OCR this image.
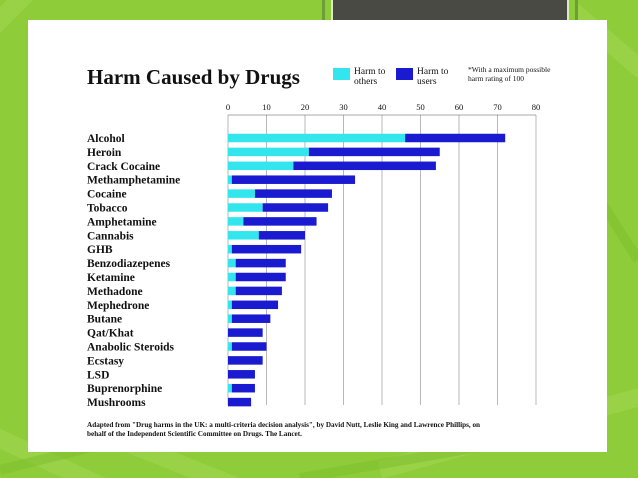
Harm Caused by Drugs	Harm to others
Harm to users
*With a maximum possible harm rating of 100
0	10	20	30	40	50	60	70	80
Alcohol
Heroin
Crack Cocaine
Methamphetamine
Cocaine
Tobacco
Amphetamine
Cannabis
GHB
Benzodiazepenes
Ketamine
Methadone
Mephedrone
Butane
Qat/Khat
Anabolic Steroids
Ecstasy
LSD
Buprenorphine
Mushrooms
Adapted from "Drug harms in the UK: a multi-criteria decision analysis", by David Nutt, Leslie King and Lawrence Phillips, on behalf of the Independent Scientific Committee on Drugs. The Lancet.
